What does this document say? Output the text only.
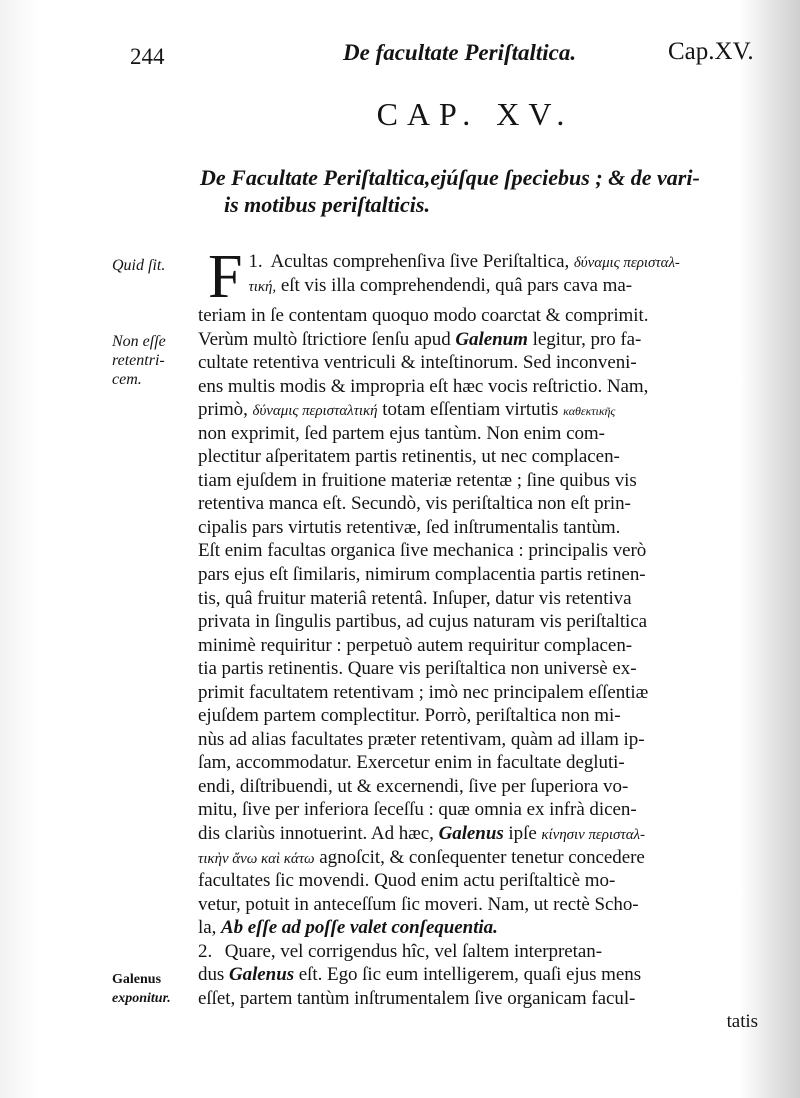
244	De facultate Periſtaltica.	Cap.XV.
CAP. XV.
De Facultate Periſtaltica,ejúſque ſpeciebus ; & de vari-
is motibus periſtalticis.
Quid ſit.
Non eſſe
retentri-
cem.
Galenus
exponitur.
1.
F Acultas comprehenſiva ſive Periſtaltica, δύναμις περισταλ-
τική, eſt vis illa comprehendendi, quâ pars cava ma-
teriam in ſe contentam quoquo modo coarctat & comprimit.
Verùm multò ſtrictiore ſenſu apud Galenum legitur, pro fa-
cultate retentiva ventriculi & inteſtinorum. Sed inconveni-
ens multis modis & impropria eſt hæc vocis reſtrictio. Nam,
primò, δύναμις περισταλτική totam eſſentiam virtutis καθεκτικῆς
non exprimit, ſed partem ejus tantùm. Non enim com-
plectitur aſperitatem partis retinentis, ut nec complacen-
tiam ejuſdem in fruitione materiæ retentæ ; ſine quibus vis
retentiva manca eſt. Secundò, vis periſtaltica non eſt prin-
cipalis pars virtutis retentivæ, ſed inſtrumentalis tantùm.
Eſt enim facultas organica ſive mechanica : principalis verò
pars ejus eſt ſimilaris, nimirum complacentia partis retinen-
tis, quâ fruitur materiâ retentâ. Inſuper, datur vis retentiva
privata in ſingulis partibus, ad cujus naturam vis periſtaltica
minimè requiritur : perpetuò autem requiritur complacen-
tia partis retinentis. Quare vis periſtaltica non universè ex-
primit facultatem retentivam ; imò nec principalem eſſentiæ
ejuſdem partem complectitur. Porrò, periſtaltica non mi-
nùs ad alias facultates præter retentivam, quàm ad illam ip-
ſam, accommodatur. Exercetur enim in facultate degluti-
endi, diſtribuendi, ut & excernendi, ſive per ſuperiora vo-
mitu, ſive per inferiora ſeceſſu : quæ omnia ex infrà dicen-
dis clariùs innotuerint. Ad hæc, Galenus ipſe κίνησιν περισταλ-
τικὴν ἄνω καὶ κάτω agnoſcit, & conſequenter tenetur concedere
facultates ſic movendi. Quod enim actu periſtalticè mo-
vetur, potuit in anteceſſum ſic moveri. Nam, ut rectè Scho-
la, Ab eſſe ad poſſe valet conſequentia.
2. Quare, vel corrigendus hîc, vel ſaltem interpretan-
dus Galenus eſt. Ego ſic eum intelligerem, quaſi ejus mens
eſſet, partem tantùm inſtrumentalem ſive organicam facul-
tatis
